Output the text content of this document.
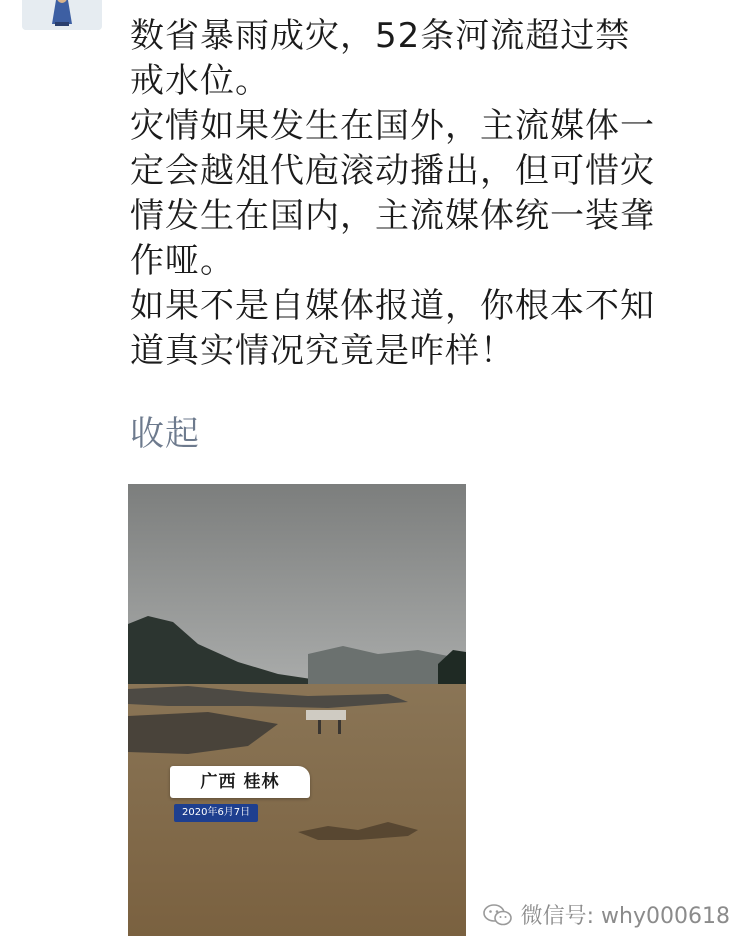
数省暴雨成灾，52条河流超过禁
戒水位。

灾情如果发生在国外，主流媒体一
定会越俎代庖滚动播出，但可惜灾
情发生在国内，主流媒体统一装聋
作哑。

如果不是自媒体报道，你根本不知
道真实情况究竟是咋样！

收起
广西 桂林
2020年6月7日
微信号: why000618
